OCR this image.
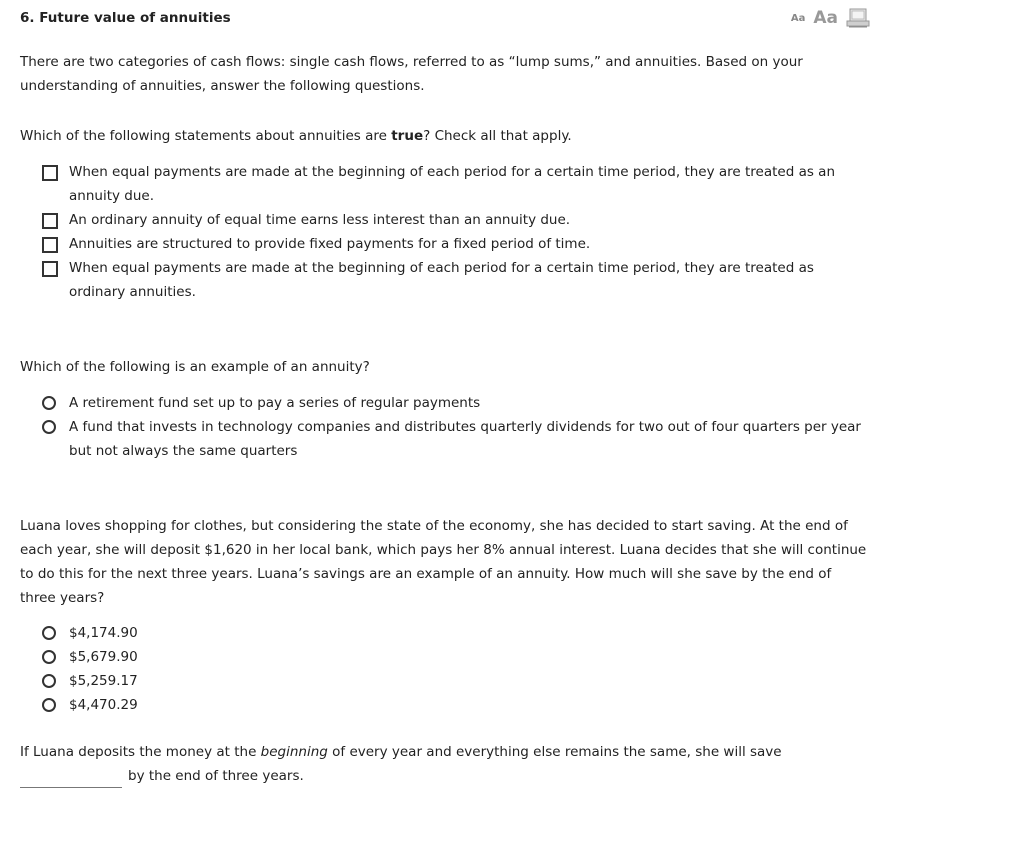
6. Future value of annuities	Aa Aa
There are two categories of cash flows: single cash flows, referred to as “lump sums,” and annuities. Based on your understanding of annuities, answer the following questions.
Which of the following statements about annuities are true? Check all that apply.
When equal payments are made at the beginning of each period for a certain time period, they are treated as an annuity due.
An ordinary annuity of equal time earns less interest than an annuity due.
Annuities are structured to provide fixed payments for a fixed period of time.
When equal payments are made at the beginning of each period for a certain time period, they are treated as ordinary annuities.
Which of the following is an example of an annuity?
A retirement fund set up to pay a series of regular payments
A fund that invests in technology companies and distributes quarterly dividends for two out of four quarters per year but not always the same quarters
Luana loves shopping for clothes, but considering the state of the economy, she has decided to start saving. At the end of each year, she will deposit $1,620 in her local bank, which pays her 8% annual interest. Luana decides that she will continue to do this for the next three years. Luana’s savings are an example of an annuity. How much will she save by the end of three years?
$4,174.90
$5,679.90
$5,259.17
$4,470.29
If Luana deposits the money at the beginning of every year and everything else remains the same, she will save
by the end of three years.
